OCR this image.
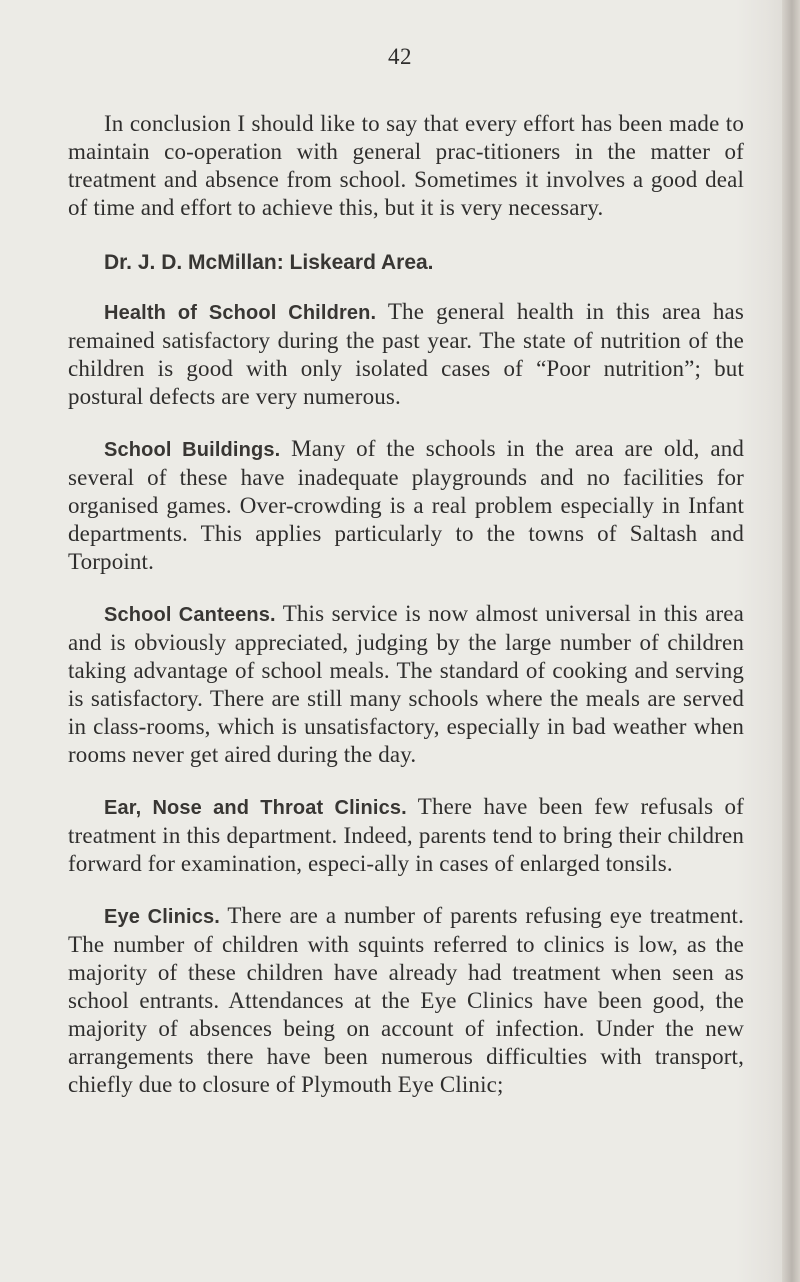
42

In conclusion I should like to say that every effort has been made to maintain co-operation with general prac-titioners in the matter of treatment and absence from school. Sometimes it involves a good deal of time and effort to achieve this, but it is very necessary.

Dr. J. D. McMillan: Liskeard Area.

Health of School Children. The general health in this area has remained satisfactory during the past year. The state of nutrition of the children is good with only isolated cases of “Poor nutrition”; but postural defects are very numerous.

School Buildings. Many of the schools in the area are old, and several of these have inadequate playgrounds and no facilities for organised games. Over-crowding is a real problem especially in Infant departments. This applies particularly to the towns of Saltash and Torpoint.

School Canteens. This service is now almost universal in this area and is obviously appreciated, judging by the large number of children taking advantage of school meals. The standard of cooking and serving is satisfactory. There are still many schools where the meals are served in class-rooms, which is unsatisfactory, especially in bad weather when rooms never get aired during the day.

Ear, Nose and Throat Clinics. There have been few refusals of treatment in this department. Indeed, parents tend to bring their children forward for examination, especi-ally in cases of enlarged tonsils.

Eye Clinics. There are a number of parents refusing eye treatment. The number of children with squints referred to clinics is low, as the majority of these children have already had treatment when seen as school entrants. Attendances at the Eye Clinics have been good, the majority of absences being on account of infection. Under the new arrangements there have been numerous difficulties with transport, chiefly due to closure of Plymouth Eye Clinic;
